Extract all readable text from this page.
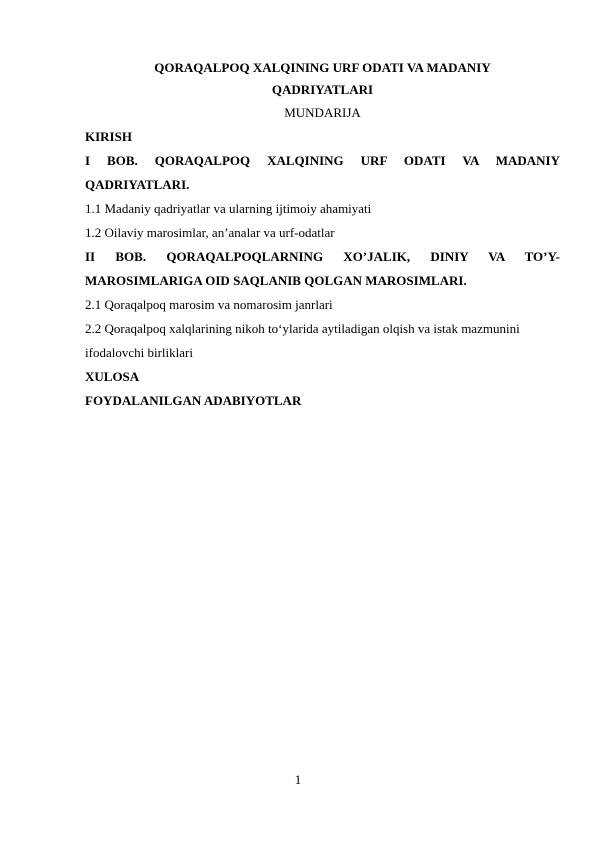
QORAQALPOQ XALQINING URF ODATI VA MADANIY
QADRIYATLARI
MUNDARIJA
KIRISH
I BOB. QORAQALPOQ XALQINING URF ODATI VA MADANIY
QADRIYATLARI.
1.1 Madaniy qadriyatlar va ularning ijtimoiy ahamiyati
1.2 Oilaviy marosimlar, an’analar va urf-odatlar
II BOB. QORAQALPOQLARNING XO’JALIK, DINIY VA TO’Y-
MAROSIMLARIGA OID SAQLANIB QOLGAN MAROSIMLARI.
2.1 Qoraqalpoq marosim va nomarosim janrlari
2.2 Qoraqalpoq xalqlarining nikoh to‘ylarida aytiladigan olqish va istak mazmunini
ifodalovchi birliklari
XULOSA
FOYDALANILGAN ADABIYOTLAR
1
